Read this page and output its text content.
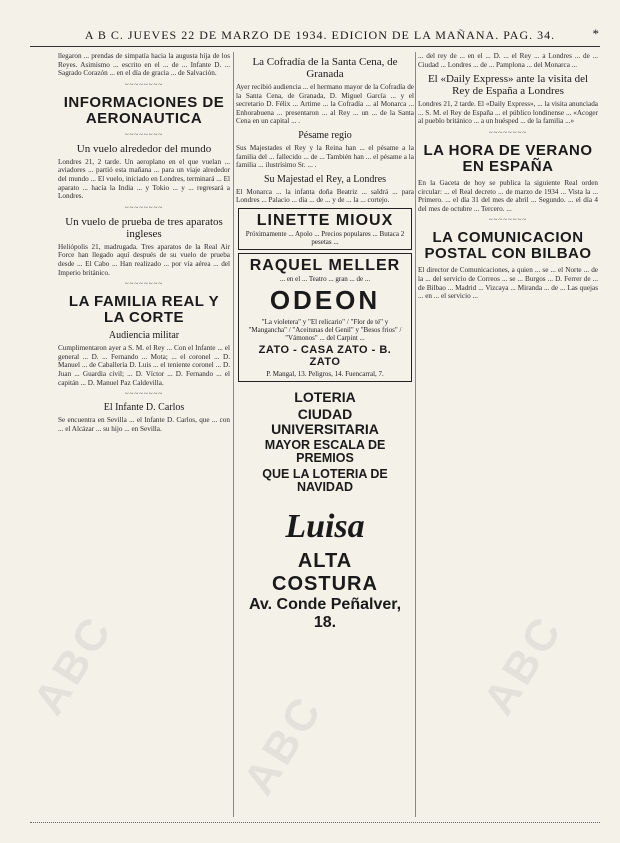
A B C. JUEVES 22 DE MARZO DE 1934. EDICION DE LA MAÑANA. PAG. 34.	*

llegaron ... prendas de simpatía hacia la augusta hija de los Reyes. Asimismo ... escrito en el ... de ... Infante D. ... Sagrado Corazón ... en el día de gracia ... de Salvación.

~~~~~~~~
INFORMACIONES DE AERONAUTICA
~~~~~~~~
Un vuelo alrededor del mundo

Londres 21, 2 tarde. Un aeroplano en el que vuelan ... aviadores ... partió esta mañana ... para un viaje alrededor del mundo ... El vuelo, iniciado en Londres, terminará ... El aparato ... hacia la India ... y Tokio ... y ... regresará a Londres.

~~~~~~~~
Un vuelo de prueba de tres aparatos ingleses

Heliópolis 21, madrugada. Tres aparatos de la Real Air Force han llegado aquí después de su vuelo de prueba desde ... El Cabo ... Han realizado ... por vía aérea ... del Imperio británico.

~~~~~~~~
LA FAMILIA REAL Y LA CORTE
Audiencia militar

Cumplimentaron ayer a S. M. el Rey ... Con el Infante ... el general ... D. ... Fernando ... Mota; ... el coronel ... D. Manuel ... de Caballería D. Luis ... el teniente coronel ... D. Juan ... Guardia civil; ... D. Víctor ... D. Fernando ... el capitán ... D. Manuel Paz Caldevilla.

~~~~~~~~
El Infante D. Carlos

Se encuentra en Sevilla ... el Infante D. Carlos, que ... con ... el Alcázar ... su hijo ... en Sevilla.

La Cofradía de la Santa Cena, de Granada

Ayer recibió audiencia ... el hermano mayor de la Cofradía de la Santa Cena, de Granada, D. Miguel García ... y el secretario D. Félix ... Artime ... la Cofradía ... al Monarca ... Enhorabuena ... presentaron ... al Rey ... un ... de la Santa Cena en un capital ... .

Pésame regio

Sus Majestades el Rey y la Reina han ... el pésame a la familia del ... fallecido ... de ... También han ... el pésame a la familia ... ilustrísimo Sr. ... .

Su Majestad el Rey, a Londres

El Monarca ... la infanta doña Beatriz ... saldrá ... para Londres ... Palacio ... día ... de ... y de ... la ... cortejo.

LINETTE MIOUX
Próximamente ... Apolo ... Precios populares ... Butaca 2 pesetas ...
RAQUEL MELLER
... en el ... Teatro ... gran ... de ...
ODEON
"La violetera" y "El relicario" / "Flor de té" y "Mangancha" / "Aceitunas del Genil" y "Besos frios" / "Vámonos" ... del Carpint ...
ZATO - CASA ZATO - B. ZATO
P. Mangal, 13. Peligros, 14. Fuencarral, 7.
LOTERIA
CIUDAD UNIVERSITARIA
MAYOR ESCALA DE PREMIOS
QUE LA LOTERIA DE NAVIDAD
Luisa
ALTA COSTURA
Av. Conde Peñalver, 18.

... del rey de ... en el ... D. ... el Rey ... a Londres ... de ... Ciudad ... Londres ... de ... Pamplona ... del Monarca ...

El «Daily Express» ante la visita del Rey de España a Londres

Londres 21, 2 tarde. El «Daily Express», ... la visita anunciada ... S. M. el Rey de España ... el público londinense ... «Acoger al pueblo británico ... a un huésped ... de la familia ...»

~~~~~~~~
LA HORA DE VERANO EN ESPAÑA

En la Gaceta de hoy se publica la siguiente Real orden circular: ... el Real decreto ... de marzo de 1934 ... Vista la ... Primero. ... el día 31 del mes de abril ... Segundo. ... el día 4 del mes de octubre ... Tercero. ...

~~~~~~~~
LA COMUNICACION POSTAL CON BILBAO

El director de Comunicaciones, a quien ... se ... el Norte ... de la ... del servicio de Correos ... se ... Burgos ... D. Ferrer de ... de Bilbao ... Madrid ... Vizcaya ... Miranda ... de ... Las quejas ... en ... el servicio ...

ABC
ABC
ABC
